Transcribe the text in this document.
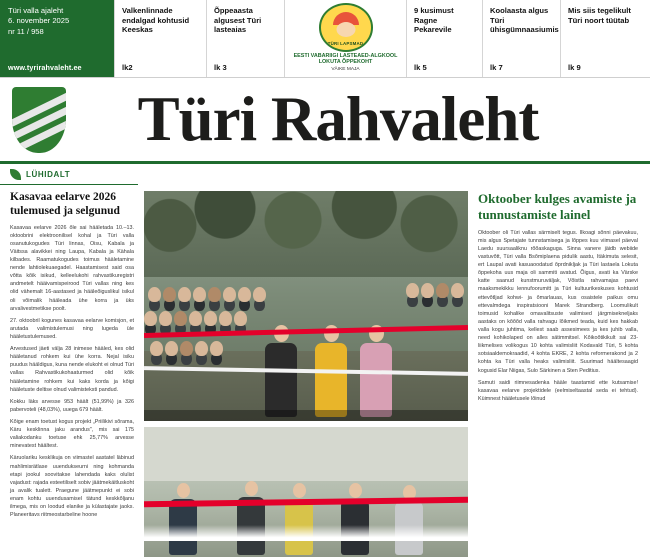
Türi valla ajaleht
6. november 2025
nr 11 / 958
www.tyrirahvaleht.ee
Valkenlinnade endalgad kohtusid Keeskas
lk2
Õppeaasta algusest Türi lasteaias
lk 3
TÜRI LAPSMAD
EESTI VABARIIGI LASTEAED-ALGKOOL
LOKUTA ÕPPEKOHT
VÄIKE MAJA
9 kusimust Ragne Pekarevile
lk 5
Koolaasta algus Türi ühisgümnaasiumis
lk 7
Mis siis tegelikult Türi noort tüütab
lk 9
Türi Rahvaleht
LÜHIDALT
Kasavaa eelarve 2026 tulemused ja selgunud

Kasavaa eelarve 2026 õle sai hääletada 10.–13. oktoobrini elektroonilisel kohal ja Türi valla osanutukogudes Türi linnas, Oisu, Kabala ja Väitssa alavikkei ning Laupa, Kabala ja Kähala kilbades. Raamatukogudes toimus hääletamine nende lahtiolekuaegadel. Haastamisest said osa võtta kõik isikud, kelleelukohi rahvastikuregistri andmetelt hääivamispeirood Türi vallas ning kes olid vähemalt 16-aastased ja hääleõiguslikul isikul oli võimalik hääleada ühe korra ja üks arvalivestmetikse poolt.

27. oktoobril kogunes kasavaa eelarve komisjon, et arutada valimistulemusi ning lugeda üle hääletustulemused.

Arvestused jäeti välja 28 inimese hääled, kes olid hääletanud rohkem kui ühe korra. Nejal isiku puudus hääldigus, kuna nende elukoht ei olnud Türi vallas Rahvastikukohaaturmed olid kõik hääletamine rohkem kui kaks korda ja kõigi hääletuste deltise olnud valimisteksti pandud.

Kokku läks arvesse 953 häält (51,99%) ja 326 pabervoteli (48,03%), uuega 679 häält.

Kõige enam toetust kogus projekt „Priilikivi sõrama, Käru kesklinna jaku arandus", mis sai 175 valiakodanku toetuse ehk 25,77% arvesse minevatest häältest.

Käruolariku kesklikuja on viimastel aastatel läbinud mahlimisrätlase uuendukseurni ning kohmanda etapi jookul soovitakse lahendada kaks olulist vajadust: rajada esteetiliselt sobiv jäätmekäitluskoht ja avalik tualett. Praegune jäätmepunkt ei sobi enam kohtu uuendusamisel tätund keskkõljanu ilmega, mis on loodud elanike ja külastajate jaoks. Planeeritavs riitmeostarbeline hoone

Oktoober kulges avamiste ja tunnustamiste lainel

Oktoober oli Türi vallas särmiselt tegus. Ilkoagi sõnni päevakuu, mis algus Spetajate tunnstamisega ja lõppes kuu viimasel päeval Laedu suursaaliknu rõõaskaguga. Sinna vanere jäidb webiide vastuvõtt, Türi valla Bsõmiplaena pidulik aastu, Itäkimuta selesit, ert Laupal avati kasuaoodatud õprdnikljak ja Türi lastaela Lokuta õppekoha uus maja oli sammiti avatud. Õigus, avati ka Värske katte saanud kunstmuruväljak, Võistla rahvamajas paevi maaksmekikku lennufoorumitt ja Türi kultuurikeskuses kohtusid ettevõtljad kohwi- ja õmarlauas, kus osaistele paikus omu ettevalmdega inspiratsiooni Marek Strandberg. Loomulikult toimusid kohalike omavalitsuste valimised järgmisekneljaks aastaks on kõõõd valla rahvagu lõikmed teada, kuid kes hakkab valla kogu juhtima, kellest saab assesimees ja kes juhib valla, need kohikolaped on alles sätimmitsel. Kõikoõtikikult sai 23-liikmelises volikogus 10 kohta valimisliit Kodavald Türi, 5 kohta sotsiaaldemokraadid, 4 kohta EKRE, 2 kohta reformerakond ja 2 kohta ka Türi valla heaks valimisliit. Suurimad häältesaagid kogusid Elar Niigas, Sulo Särkinen a Sten Peditius.

Samuti saidi riimnesadenka hääle taastamid ette kutsamise! kasavaa eelarve projektidele (eelmiseltaastal seda ei tehtud). Küimnest hääletusele lõinud
